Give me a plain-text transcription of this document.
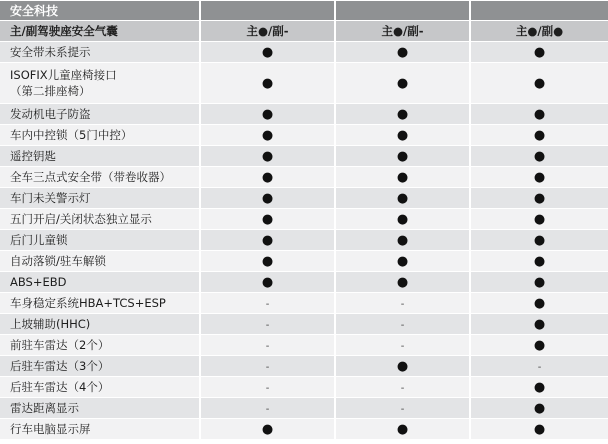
安全科技			
主/副驾驶座安全气囊	主●/副-	主●/副-	主●/副●

安全带未系提示	●	●	●

ISOFIX儿童座椅接口
（第二排座椅）	●	●	●

发动机电子防盗	●	●	●

车内中控锁（5门中控）	●	●	●

遥控钥匙	●	●	●

全车三点式安全带（带卷收器）	●	●	●

车门未关警示灯	●	●	●

五门开启/关闭状态独立显示	●	●	●

后门儿童锁	●	●	●

自动落锁/驻车解锁	●	●	●

ABS+EBD	●	●	●

车身稳定系统HBA+TCS+ESP	-	-	●

上坡辅助(HHC)	-	-	●

前驻车雷达（2个）	-	-	●

后驻车雷达（3个）	-	●	-

后驻车雷达（4个）	-	-	●

雷达距离显示	-	-	●

行车电脑显示屏	●	●	●
